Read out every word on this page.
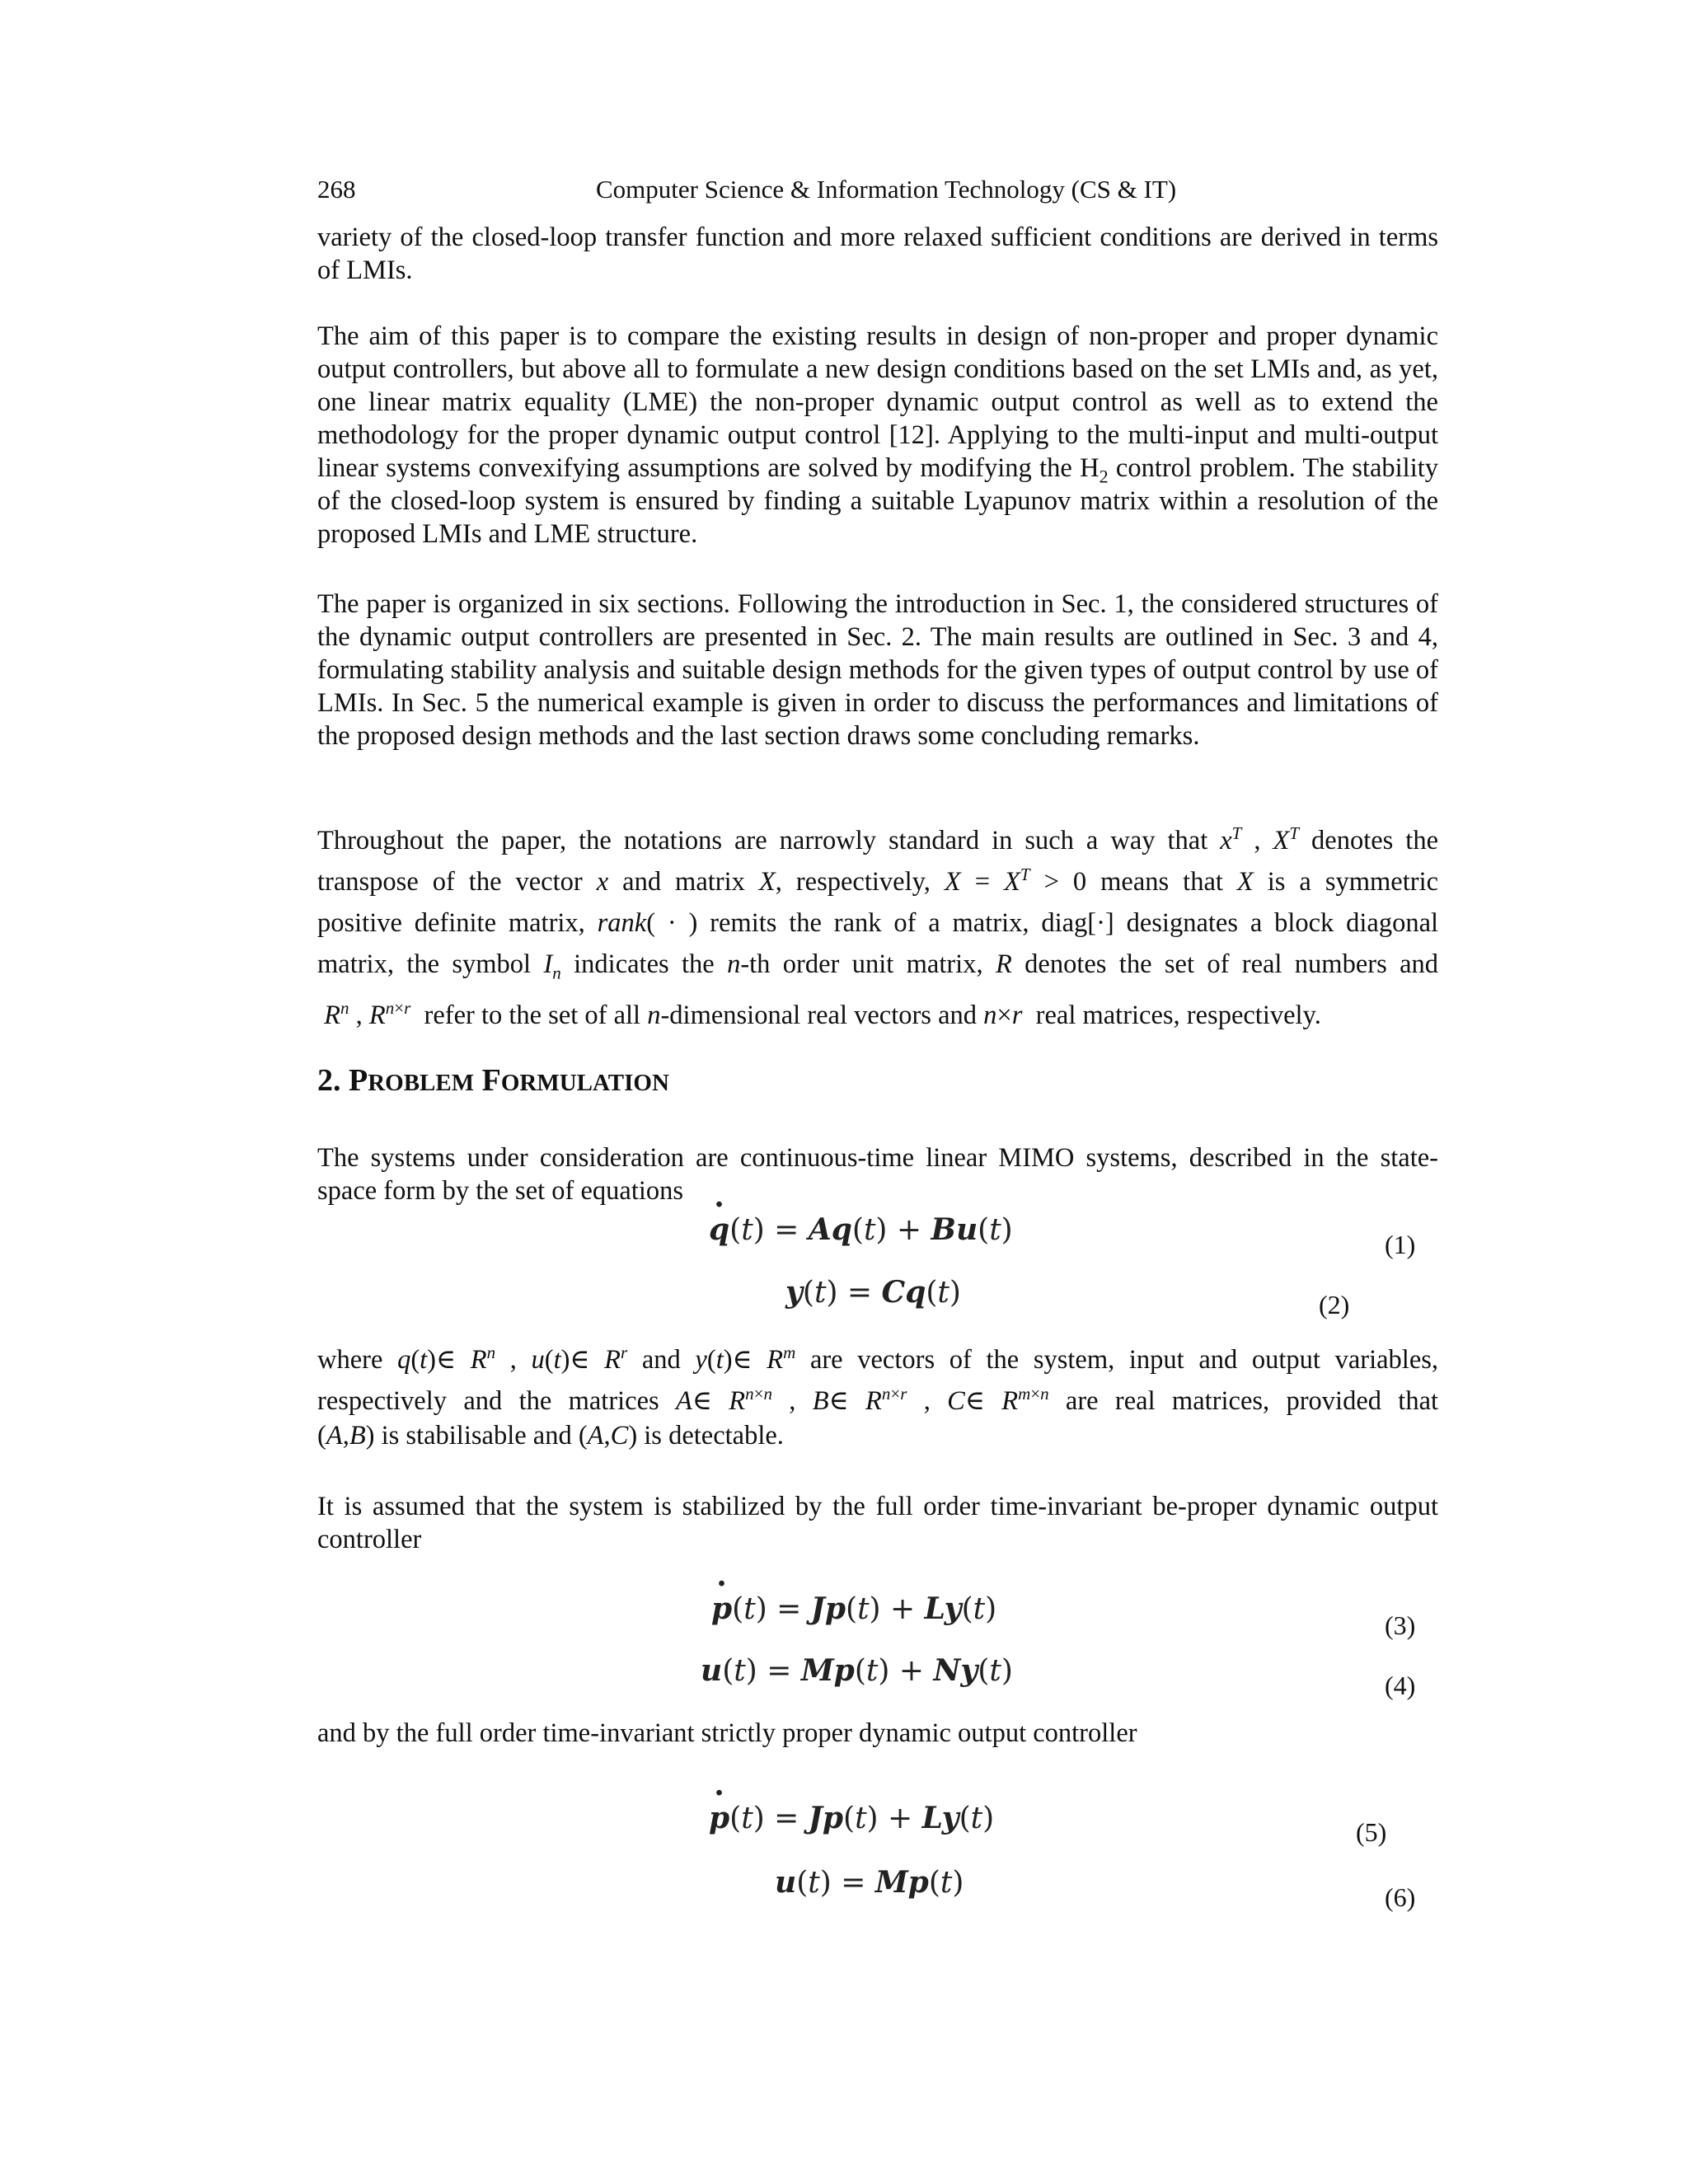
268	Computer Science & Information Technology (CS & IT)

variety of the closed-loop transfer function and more relaxed sufficient conditions are derived in terms of LMIs.

The aim of this paper is to compare the existing results in design of non-proper and proper dynamic output controllers, but above all to formulate a new design conditions based on the set LMIs and, as yet, one linear matrix equality (LME) the non-proper dynamic output control as well as to extend the methodology for the proper dynamic output control [12]. Applying to the multi-input and multi-output linear systems convexifying assumptions are solved by modifying the $H_2$ control problem. The stability of the closed-loop system is ensured by finding a suitable Lyapunov matrix within a resolution of the proposed LMIs and LME structure.

The paper is organized in six sections. Following the introduction in Sec. 1, the considered structures of the dynamic output controllers are presented in Sec. 2. The main results are outlined in Sec. 3 and 4, formulating stability analysis and suitable design methods for the given types of output control by use of LMIs. In Sec. 5 the numerical example is given in order to discuss the performances and limitations of the proposed design methods and the last section draws some concluding remarks.

Throughout the paper, the notations are narrowly standard in such a way that $x^T$ , $X^T$ denotes the
transpose of the vector x and matrix X, respectively, $X = X^T > 0$ means that X is a symmetric
positive definite matrix, rank( · ) remits the rank of a matrix, diag[·] designates a block diagonal
matrix, the symbol $I_n$ indicates the n-th order unit matrix, R denotes the set of real numbers and
$R^n$ , $R^{n\times r}$ refer to the set of all n-dimensional real vectors and n×r real matrices, respectively.
2. PROBLEM FORMULATION

The systems under consideration are continuous-time linear MIMO systems, described in the state-space form by the set of equations

· q(t) = Aq(t) + Bu(t)	(1)
y(t) = Cq(t)	(2)
where q(t)∈ $R^n$ , u(t)∈ $R^r$ and y(t)∈ $R^m$ are vectors of the system, input and output variables,
respectively and the matrices A∈ $R^{n\times n}$ , B∈ $R^{n\times r}$ , C∈ $R^{m\times n}$ are real matrices, provided that
(A,B) is stabilisable and (A,C) is detectable.

It is assumed that the system is stabilized by the full order time-invariant be-proper dynamic output controller

· p(t) = Jp(t) + Ly(t)	(3)
u(t) = Mp(t) + Ny(t)	(4)

and by the full order time-invariant strictly proper dynamic output controller

· p(t) = Jp(t) + Ly(t)	(5)
u(t) = Mp(t)	(6)
